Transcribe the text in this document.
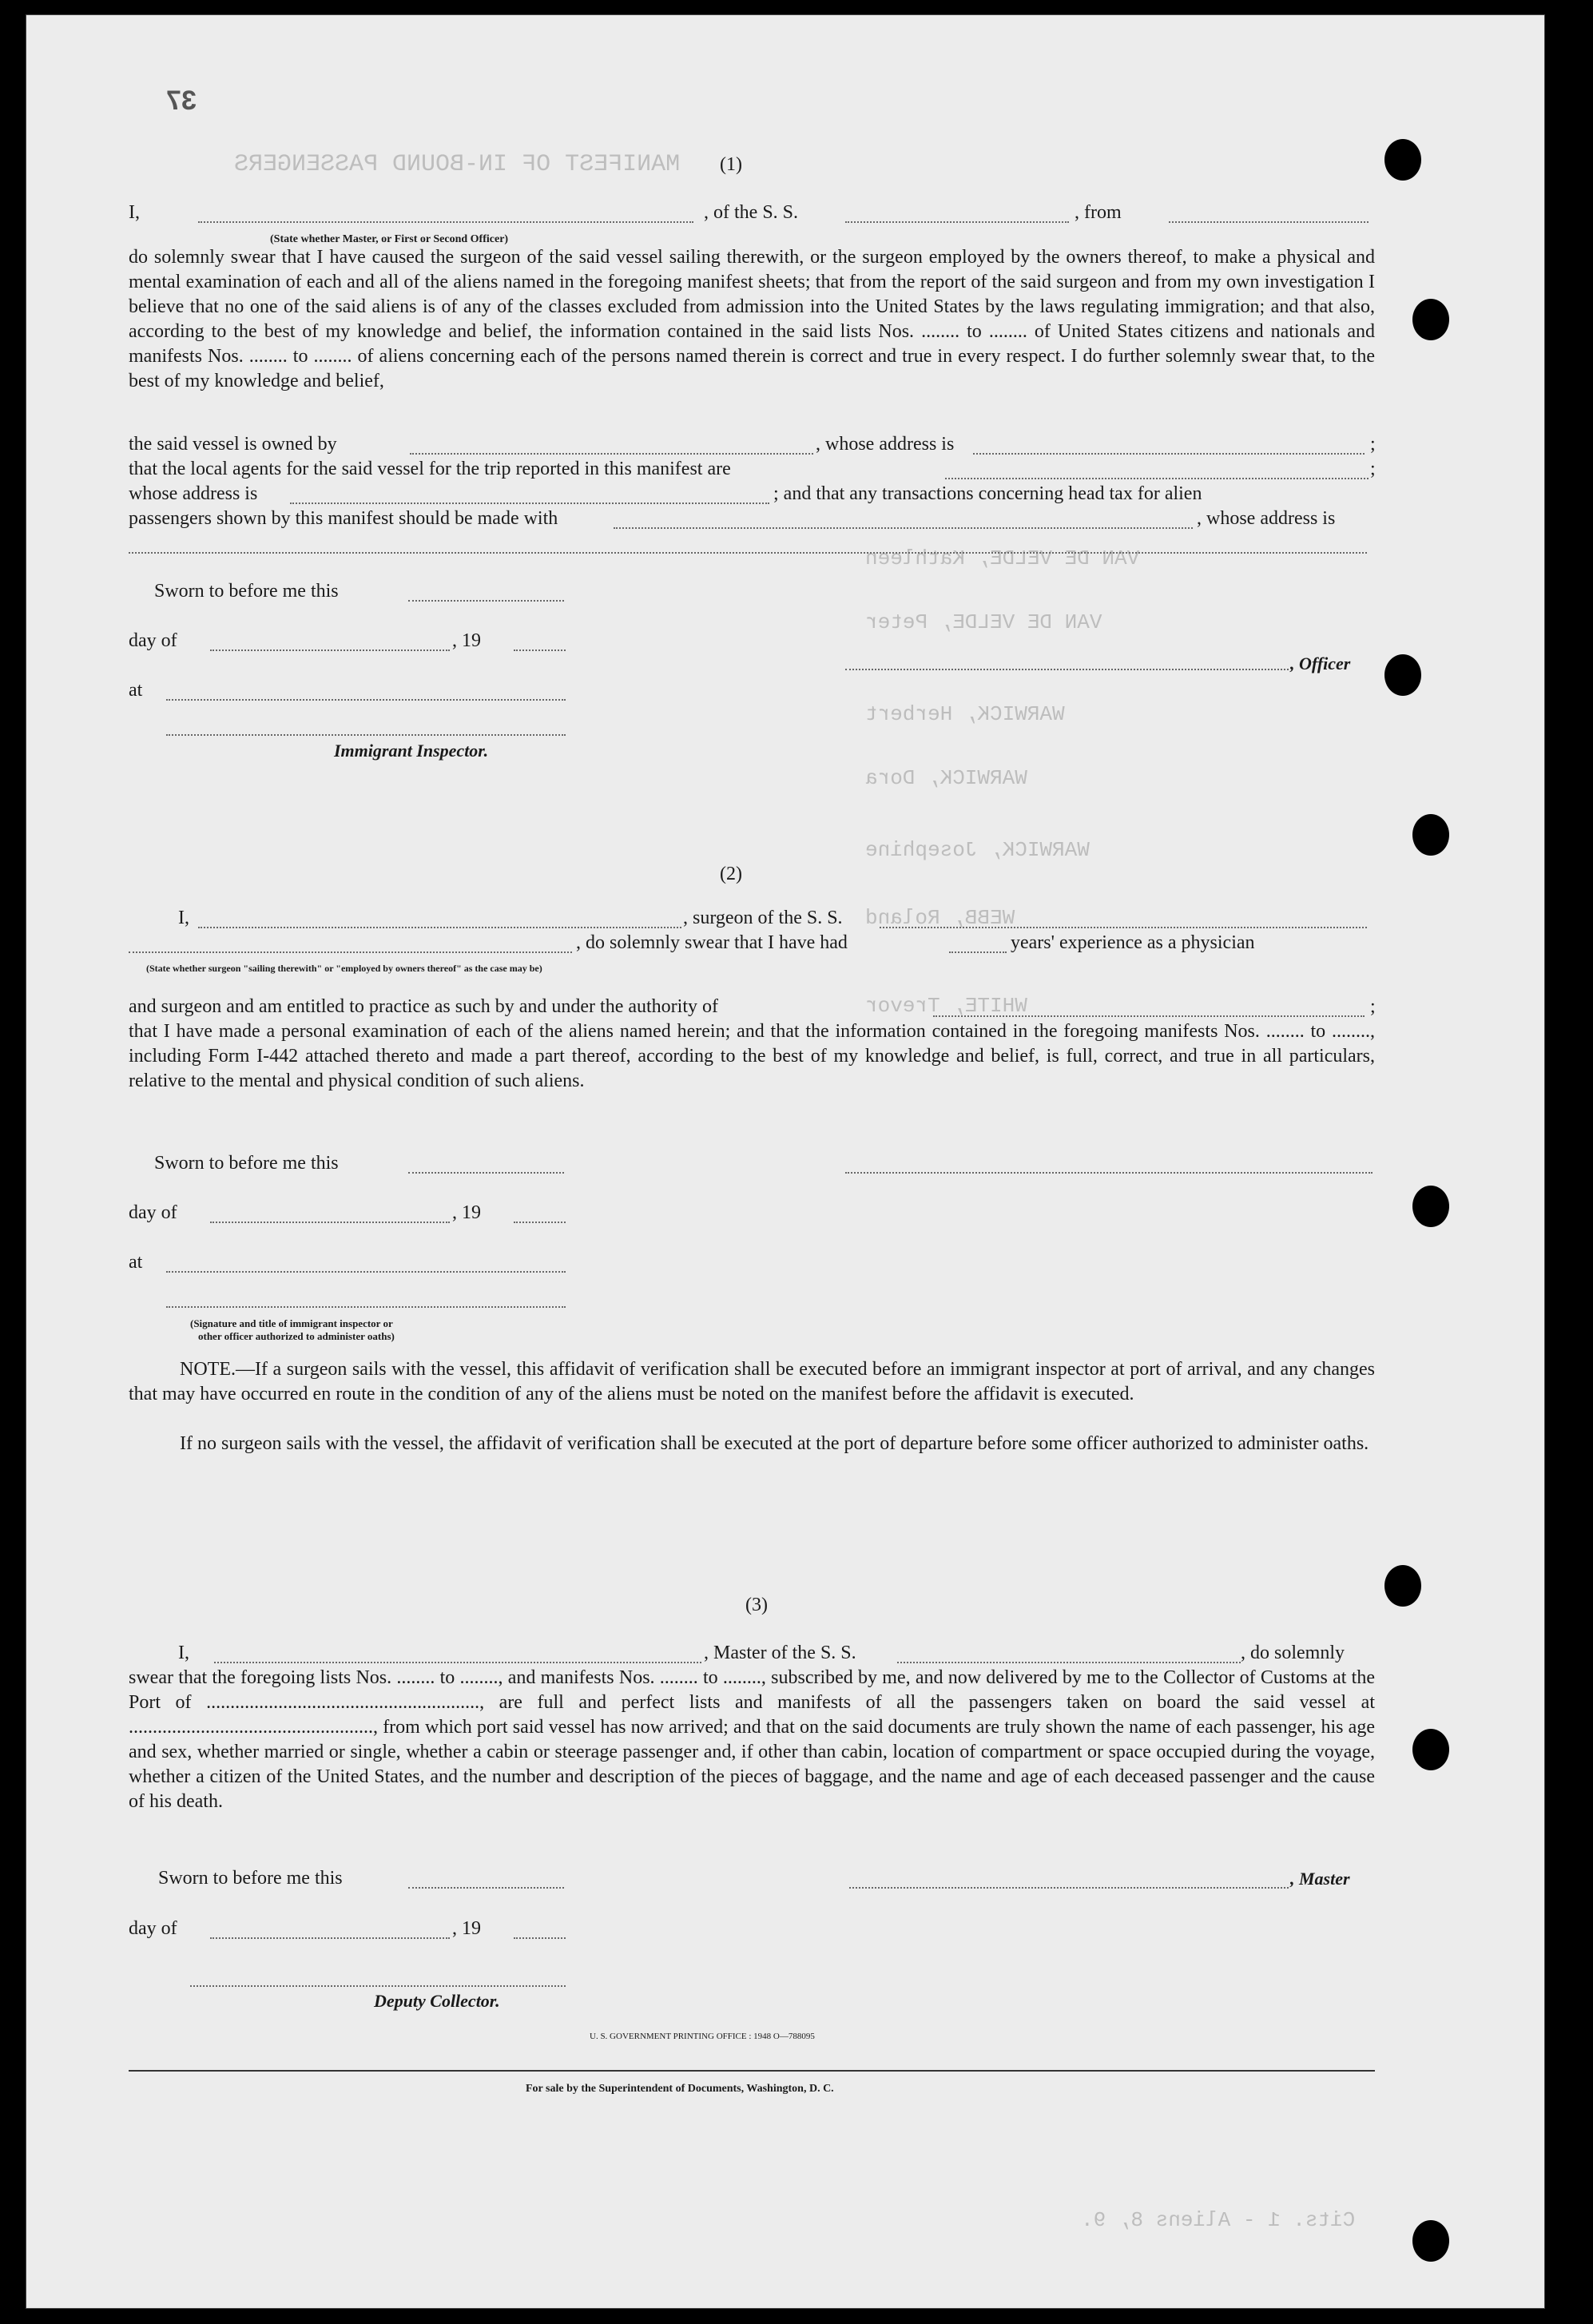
37
MANIFEST OF IN-BOUND PASSENGERS
VAN DE VELDE, Kathleen
VAN DE VELDE, Peter
WARWICK, Herbert
WARWICK, Dora
WARWICK, Josephine
WEBB, Roland
WHITE, Trevor
Cits. 1 - Aliens 8, 9.
(1)
I,	, of the S. S.	, from
(State whether Master, or First or Second Officer)
do solemnly swear that I have caused the surgeon of the said vessel sailing therewith, or the surgeon employed by the owners thereof, to make a physical and mental examination of each and all of the aliens named in the foregoing manifest sheets; that from the report of the said surgeon and from my own investigation I believe that no one of the said aliens is of any of the classes excluded from admission into the United States by the laws regulating immigration; and that also, according to the best of my knowledge and belief, the information contained in the said lists Nos. ........ to ........ of United States citizens and nationals and manifests Nos. ........ to ........ of aliens concerning each of the persons named therein is correct and true in every respect. I do further solemnly swear that, to the best of my knowledge and belief,
the said vessel is owned by	, whose address is	;
that the local agents for the said vessel for the trip reported in this manifest are	;
whose address is	; and that any transactions concerning head tax for alien
passengers shown by this manifest should be made with	, whose address is
Sworn to before me this
day of	, 19
at
Immigrant Inspector.
, Officer
(2)
I,	, surgeon of the S. S.
, do solemnly swear that I have had	years' experience as a physician
(State whether surgeon "sailing therewith" or "employed by owners thereof" as the case may be)
and surgeon and am entitled to practice as such by and under the authority of	;
that I have made a personal examination of each of the aliens named herein; and that the information contained in the foregoing manifests Nos. ........ to ........, including Form I-442 attached thereto and made a part thereof, according to the best of my knowledge and belief, is full, correct, and true in all particulars, relative to the mental and physical condition of such aliens.
Sworn to before me this
day of	, 19
at
(Signature and title of immigrant inspector or
other officer authorized to administer oaths)
NOTE.—If a surgeon sails with the vessel, this affidavit of verification shall be executed before an immigrant inspector at port of arrival, and any changes that may have occurred en route in the condition of any of the aliens must be noted on the manifest before the affidavit is executed.
If no surgeon sails with the vessel, the affidavit of verification shall be executed at the port of departure before some officer authorized to administer oaths.
(3)
I,	, Master of the S. S.	, do solemnly
swear that the foregoing lists Nos. ........ to ........, and manifests Nos. ........ to ........, subscribed by me, and now delivered by me to the Collector of Customs at the Port of ........................................................., are full and perfect lists and manifests of all the passengers taken on board the said vessel at ..................................................., from which port said vessel has now arrived; and that on the said documents are truly shown the name of each passenger, his age and sex, whether married or single, whether a cabin or steerage passenger and, if other than cabin, location of compartment or space occupied during the voyage, whether a citizen of the United States, and the number and description of the pieces of baggage, and the name and age of each deceased passenger and the cause of his death.
Sworn to before me this	, Master
day of	, 19
Deputy Collector.
U. S. GOVERNMENT PRINTING OFFICE : 1948 O—788095
For sale by the Superintendent of Documents, Washington, D. C.
